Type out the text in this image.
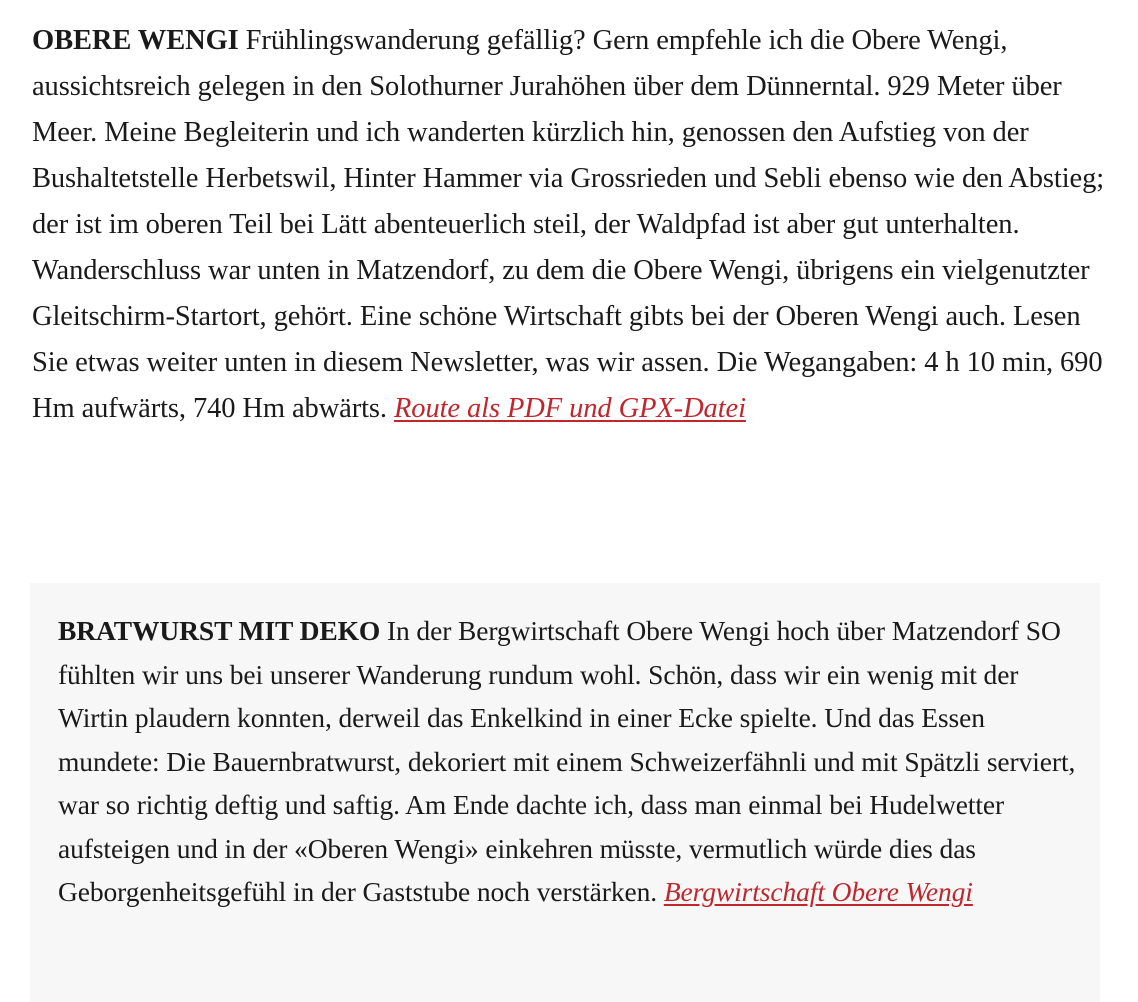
OBERE WENGI Frühlingswanderung gefällig? Gern empfehle ich die Obere Wengi, aussichtsreich gelegen in den Solothurner Jurahöhen über dem Dünnerntal. 929 Meter über Meer. Meine Begleiterin und ich wanderten kürzlich hin, genossen den Aufstieg von der Bushaltetstelle Herbetswil, Hinter Hammer via Grossrieden und Sebli ebenso wie den Abstieg; der ist im oberen Teil bei Lätt abenteuerlich steil, der Waldpfad ist aber gut unterhalten. Wanderschluss war unten in Matzendorf, zu dem die Obere Wengi, übrigens ein vielgenutzter Gleitschirm-Startort, gehört. Eine schöne Wirtschaft gibts bei der Oberen Wengi auch. Lesen Sie etwas weiter unten in diesem Newsletter, was wir assen. Die Wegangaben: 4 h 10 min, 690 Hm aufwärts, 740 Hm abwärts. Route als PDF und GPX-Datei
BRATWURST MIT DEKO In der Bergwirtschaft Obere Wengi hoch über Matzendorf SO fühlten wir uns bei unserer Wanderung rundum wohl. Schön, dass wir ein wenig mit der Wirtin plaudern konnten, derweil das Enkelkind in einer Ecke spielte. Und das Essen mundete: Die Bauernbratwurst, dekoriert mit einem Schweizerfähnli und mit Spätzli serviert, war so richtig deftig und saftig. Am Ende dachte ich, dass man einmal bei Hudelwetter aufsteigen und in der «Oberen Wengi» einkehren müsste, vermutlich würde dies das Geborgenheitsgefühl in der Gaststube noch verstärken. Bergwirtschaft Obere Wengi
